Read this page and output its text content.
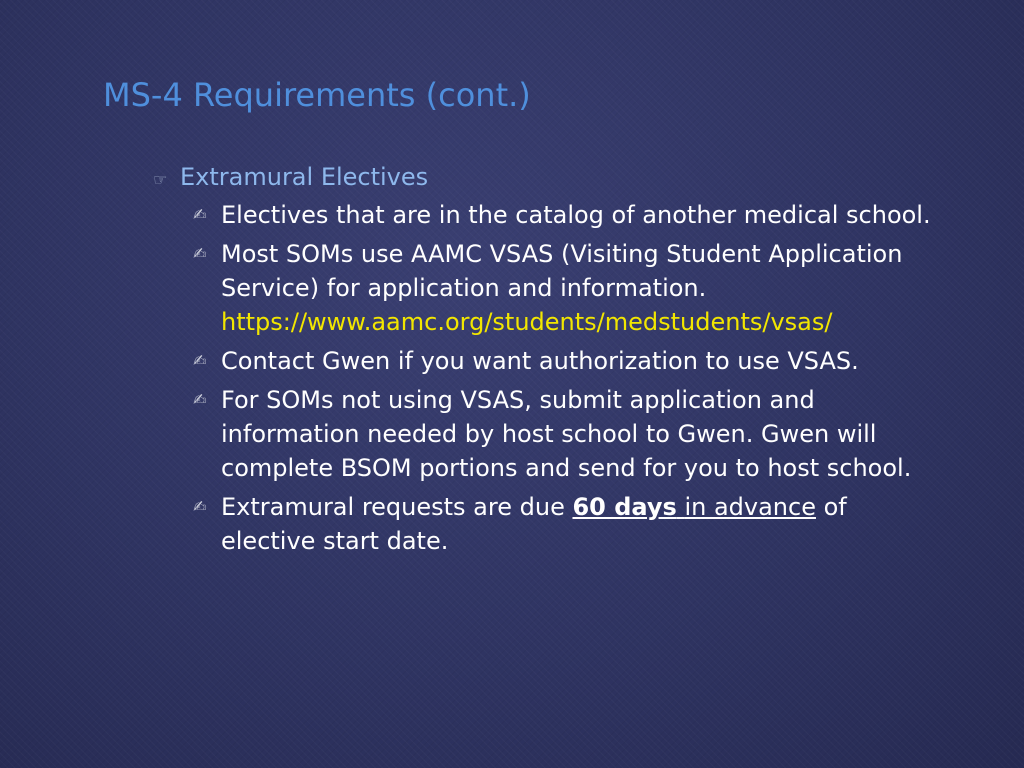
MS-4 Requirements (cont.)
☞ Extramural Electives
✍ Electives that are in the catalog of another medical school.
✍ Most SOMs use AAMC VSAS (Visiting Student Application Service) for application and information.
https://www.aamc.org/students/medstudents/vsas/
✍ Contact Gwen if you want authorization to use VSAS.
✍ For SOMs not using VSAS, submit application and information needed by host school to Gwen. Gwen will complete BSOM portions and send for you to host school.
✍ Extramural requests are due 60 days in advance of elective start date.
